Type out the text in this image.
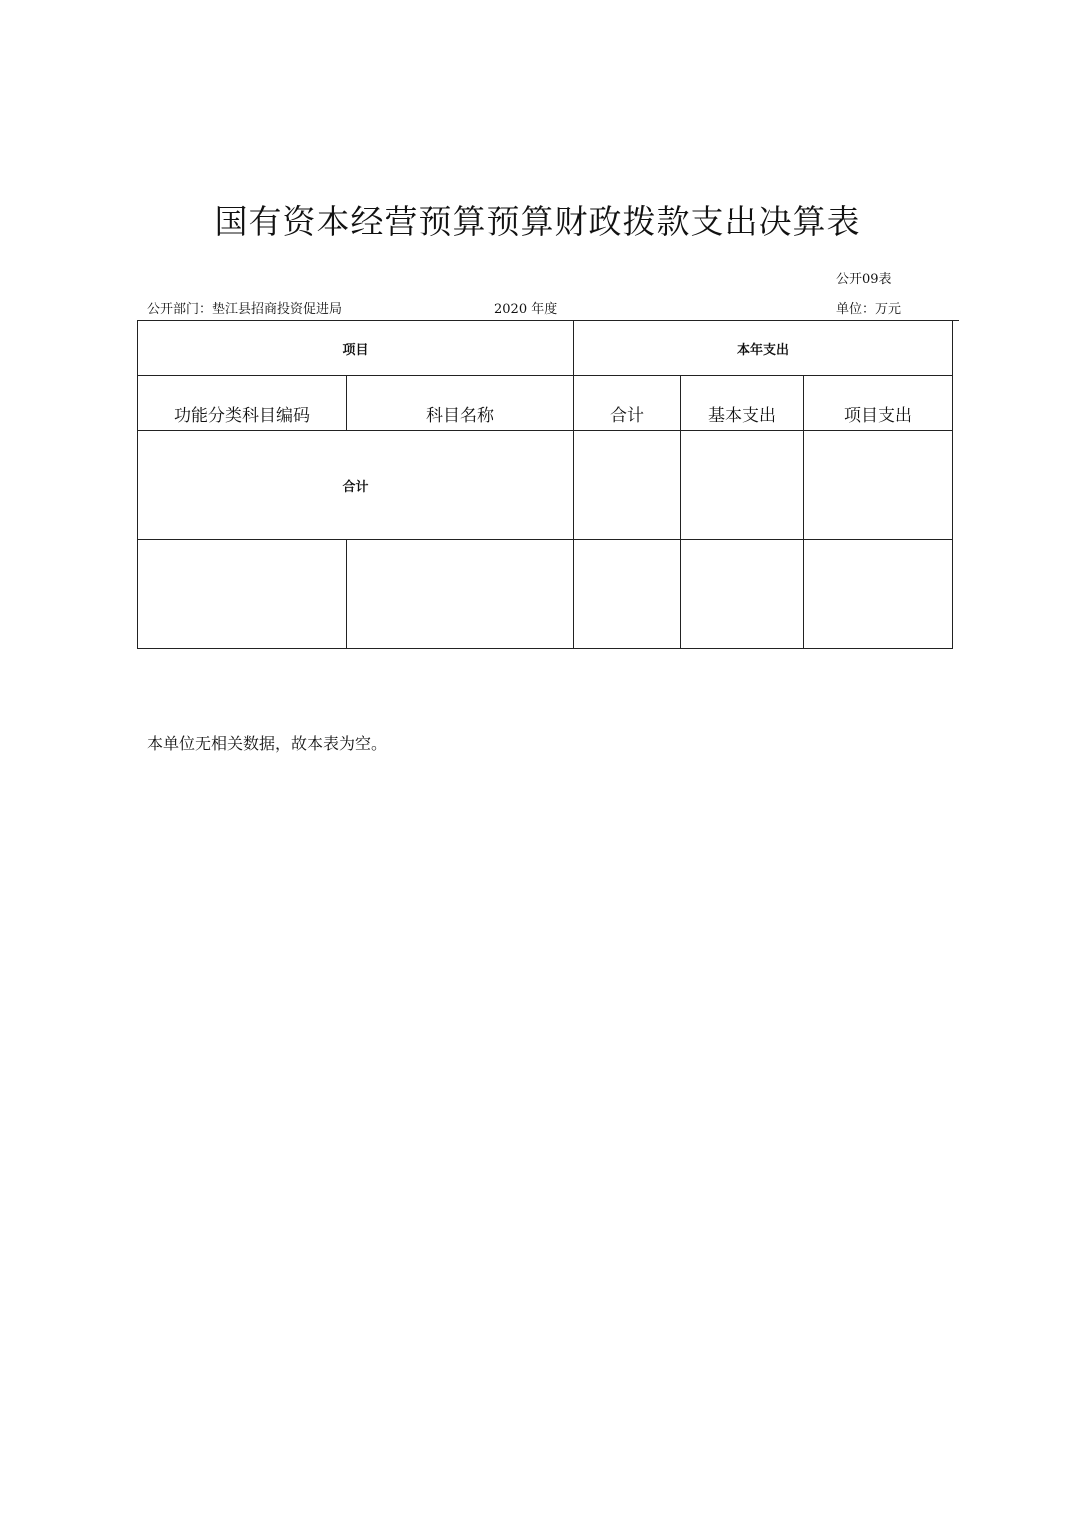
国有资本经营预算预算财政拨款支出决算表
公开09表
公开部门：垫江县招商投资促进局	2020 年度	单位：万元
项目		本年支出		
功能分类科目编码	科目名称	合计	基本支出	项目支出
合计				

本单位无相关数据，故本表为空。
